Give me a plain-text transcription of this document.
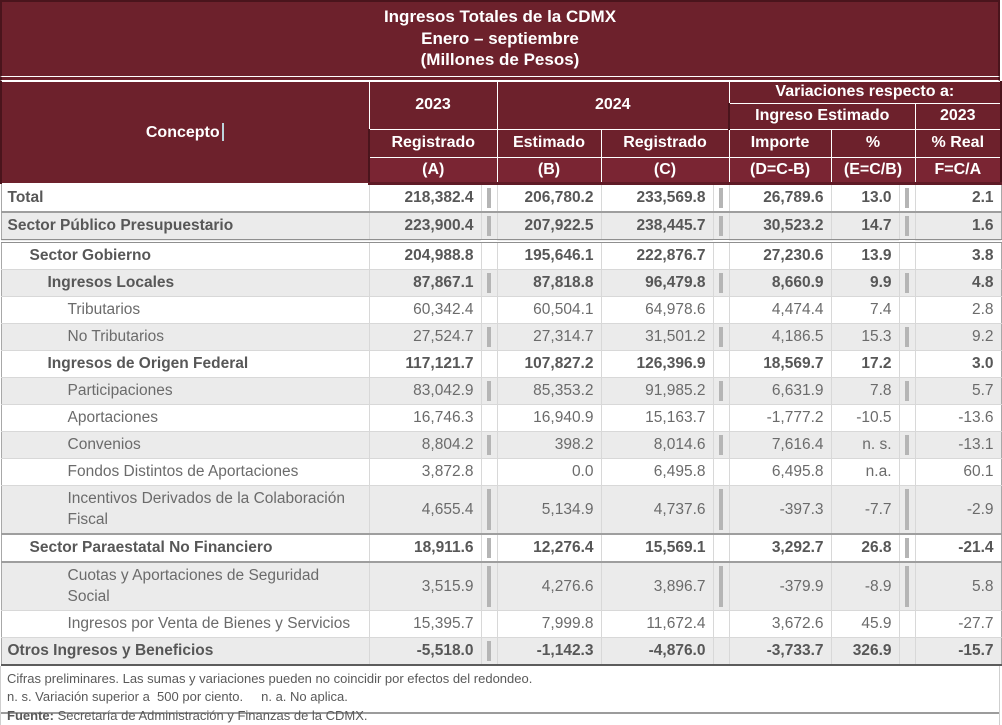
Ingresos Totales de la CDMX
Enero – septiembre
(Millones de Pesos)
Concepto	2023		2024			Variaciones respecto a:			
						Ingreso Estimado			2023
	Registrado		Estimado	Registrado		Importe	%		% Real
	(A)		(B)	(C)		(D=C-B)	(E=C/B)		F=C/A
Total	218,382.4		206,780.2	233,569.8		26,789.6	13.0		2.1
Sector Público Presupuestario	223,900.4		207,922.5	238,445.7		30,523.2	14.7		1.6
Sector Gobierno	204,988.8		195,646.1	222,876.7		27,230.6	13.9		3.8
Ingresos Locales	87,867.1		87,818.8	96,479.8		8,660.9	9.9		4.8
Tributarios	60,342.4		60,504.1	64,978.6		4,474.4	7.4		2.8
No Tributarios	27,524.7		27,314.7	31,501.2		4,186.5	15.3		9.2
Ingresos de Origen Federal	117,121.7		107,827.2	126,396.9		18,569.7	17.2		3.0
Participaciones	83,042.9		85,353.2	91,985.2		6,631.9	7.8		5.7
Aportaciones	16,746.3		16,940.9	15,163.7		-1,777.2	-10.5		-13.6
Convenios	8,804.2		398.2	8,014.6		7,616.4	n. s.		-13.1
Fondos Distintos de Aportaciones	3,872.8		0.0	6,495.8		6,495.8	n.a.		60.1
Incentivos Derivados de la Colaboración Fiscal	4,655.4		5,134.9	4,737.6		-397.3	-7.7		-2.9
Sector Paraestatal No Financiero	18,911.6		12,276.4	15,569.1		3,292.7	26.8		-21.4
Cuotas y Aportaciones de Seguridad Social	3,515.9		4,276.6	3,896.7		-379.9	-8.9		5.8
Ingresos por Venta de Bienes y Servicios	15,395.7		7,999.8	11,672.4		3,672.6	45.9		-27.7
Otros Ingresos y Beneficios	-5,518.0		-1,142.3	-4,876.0		-3,733.7	326.9		-15.7
Cifras preliminares. Las sumas y variaciones pueden no coincidir por efectos del redondeo.
n. s. Variación superior a  500 por ciento.     n. a. No aplica.
Fuente: Secretaría de Administración y Finanzas de la CDMX.
